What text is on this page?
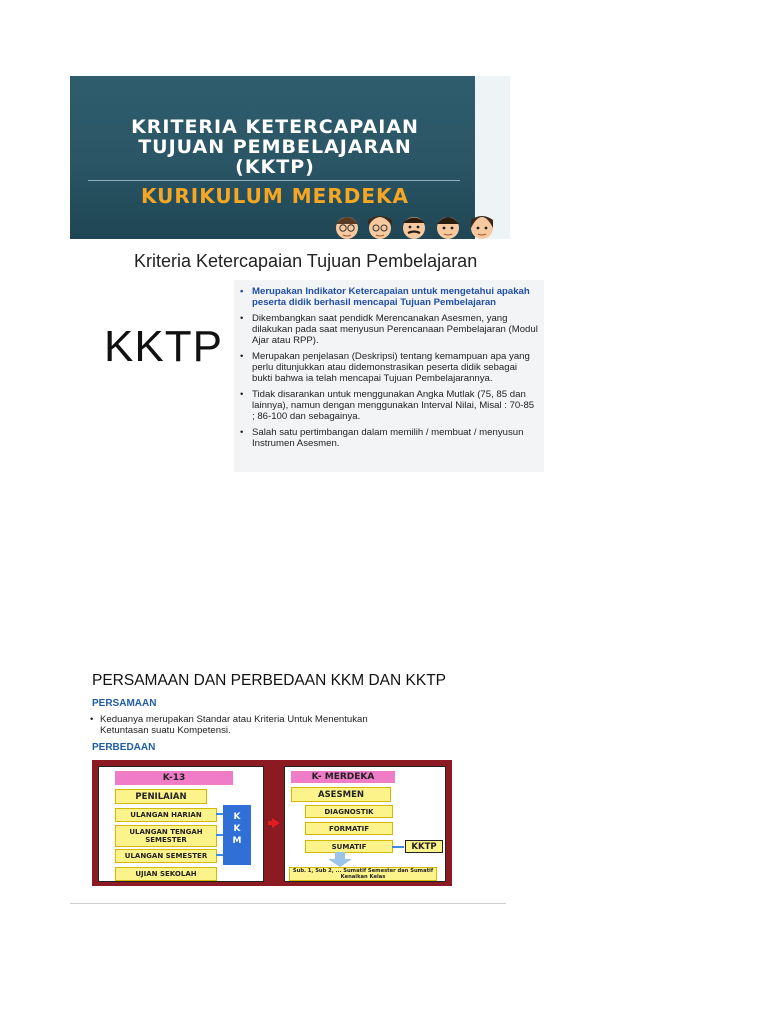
KRITERIA KETERCAPAIAN
TUJUAN PEMBELAJARAN
(KKTP)
KURIKULUM MERDEKA
Kriteria Ketercapaian Tujuan Pembelajaran
KKTP
• Merupakan Indikator Ketercapaian untuk mengetahui apakah peserta didik berhasil mencapai Tujuan Pembelajaran
• Dikembangkan saat pendidk Merencanakan Asesmen, yang dilakukan pada saat menyusun Perencanaan Pembelajaran (Modul Ajar atau RPP).
• Merupakan penjelasan (Deskripsi) tentang kemampuan apa yang perlu ditunjukkan atau didemonstrasikan peserta didik sebagai bukti bahwa ia telah mencapai Tujuan Pembelajarannya.
• Tidak disarankan untuk menggunakan Angka Mutlak (75, 85 dan lainnya), namun dengan menggunakan Interval Nilai, Misal : 70-85 ; 86-100 dan sebagainya.
• Salah satu pertimbangan dalam memilih / membuat / menyusun Instrumen Asesmen.
PERSAMAAN DAN PERBEDAAN KKM DAN KKTP
PERSAMAAN
• Keduanya merupakan Standar atau Kriteria Untuk Menentukan Ketuntasan suatu Kompetensi.
PERBEDAAN
K-13
PENILAIAN
ULANGAN HARIAN
ULANGAN TENGAH SEMESTER
ULANGAN SEMESTER
UJIAN SEKOLAH
K
K
M
K- MERDEKA
ASESMEN
DIAGNOSTIK
FORMATIF
SUMATIF	KKTP
Sub. 1, Sub 2, ... Sumatif Semester dan Sumatif Kenaikan Kelas
